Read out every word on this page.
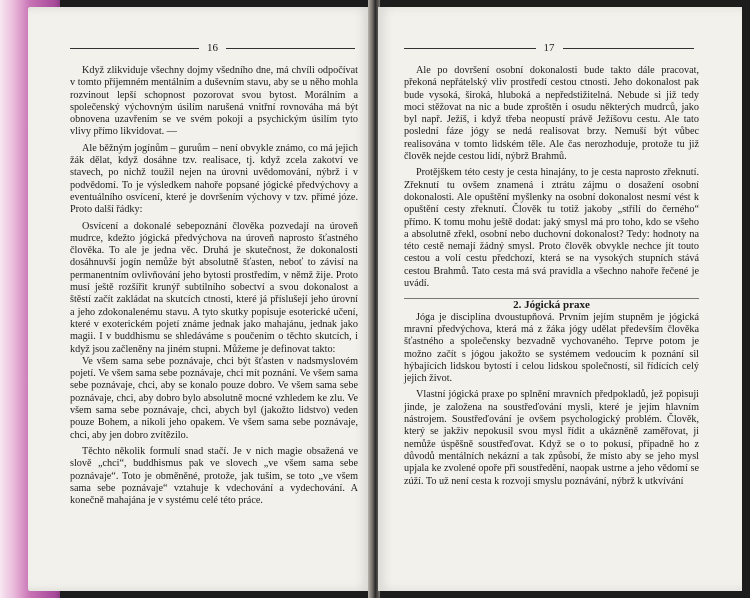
16

Když zlikviduje všechny dojmy všedního dne, má chvíli odpočívat v tomto příjemném mentálním a duševním stavu, aby se u něho mohla rozvinout lepší schopnost pozorovat svou bytost. Morálním a společenský výchovným úsilím narušená vnitřní rovnováha má být obnovena uzavřením se ve svém pokoji a psychickým úsilím tyto vlivy přímo likvidovat. —

Ale běžným jogínům – guruům – není obvykle známo, co má jejich žák dělat, když dosáhne tzv. realisace, tj. když zcela zakotví ve stavech, po nichž toužil nejen na úrovni uvědomování, nýbrž i v podvědomí. To je výsledkem nahoře popsané jógické předvýchovy a eventuálního osvícení, které je dovršením výchovy v tzv. přímé józe. Proto další řádky:

Osvícení a dokonalé sebepoznání člověka pozvedají na úroveň mudrce, kdežto jógická předvýchova na úroveň naprosto šťastného člověka. To ale je jedna věc. Druhá je skutečnost, že dokonalosti dosáhnuvší jogín nemůže být absolutně šťasten, neboť to závisí na permanentním ovlivňování jeho bytosti prostředím, v němž žije. Proto musí ještě rozšířit krunýř subtilního sobectví a svou dokonalost a štěstí začít zakládat na skutcích ctnosti, které já příslušejí jeho úrovní a jeho zdokonalenému stavu. A tyto skutky popisuje esoterické učení, které v exoterickém pojetí známe jednak jako mahajánu, jednak jako magii. I v buddhismu se shledáváme s poučením o těchto skutcích, i když jsou začleněny na jiném stupni. Můžeme je definovat takto:

Ve všem sama sebe poznávaje, chci být šťasten v nadsmyslovém pojetí. Ve všem sama sebe poznávaje, chci mít poznání. Ve všem sama sebe poznávaje, chci, aby se konalo pouze dobro. Ve všem sama sebe poznávaje, chci, aby dobro bylo absolutně mocné vzhledem ke zlu. Ve všem sama sebe poznávaje, chci, abych byl (jakožto lidstvo) veden pouze Bohem, a nikoli jeho opakem. Ve všem sama sebe poznávaje, chci, aby jen dobro zvítězilo.

Těchto několik formulí snad stačí. Je v nich magie obsažená ve slově „chci“, buddhismus pak ve slovech „ve všem sama sebe poznávaje“. Toto je obměněné, protože, jak tušim, se toto „ve všem sama sebe poznávaje“ vztahuje k vdechování a vydechování. A konečně mahajána je v systému celé této práce.

17

Ale po dovršení osobní dokonalosti bude takto dále pracovat, překoná nepřátelský vliv prostředí cestou ctnosti. Jeho dokonalost pak bude vysoká, široká, hluboká a nepředstižitelná. Nebude si již tedy moci stěžovat na nic a bude zproštěn i osudu některých mudrců, jako byl např. Ježíš, i když třeba neopustí právě Ježíšovu cestu. Ale tato poslední fáze jógy se nedá realisovat brzy. Nemuší být vůbec realisována v tomto lidském těle. Ale čas nerozhoduje, protože tu již člověk nejde cestou lidí, nýbrž Brahmů.

Protějškem této cesty je cesta hinajány, to je cesta naprosto zřeknutí. Zřeknutí tu ovšem znamená i ztrátu zájmu o dosažení osobní dokonalosti. Ale opuštění myšlenky na osobní dokonalost nesmí vést k opuštění cesty zřeknutí. Člověk tu totiž jakoby „střílí do černého“ přímo. K tomu mohu ještě dodat: jaký smysl má pro toho, kdo se všeho a absolutně zřekl, osobní nebo duchovní dokonalost? Tedy: hodnoty na této cestě nemají žádný smysl. Proto člověk obvykle nechce jít touto cestou a volí cestu předchozí, která se na vysokých stupních stává cestou Brahmů. Tato cesta má svá pravidla a všechno nahoře řečené je uvádí.

2. Jógická praxe

Jóga je disciplína dvoustupňová. Prvním jejím stupněm je jógická mravní předvýchova, která má z žáka jógy udělat především člověka šťastného a společensky bezvadně vychovaného. Teprve potom je možno začít s jógou jakožto se systémem vedoucím k poznání sil hýbajících lidskou bytostí i celou lidskou společností, sil řídících celý jejich život.

Vlastní jógická praxe po splnění mravních předpokladů, jež popisuji jinde, je založena na soustřeďování mysli, které je jejím hlavním nástrojem. Soustřeďování je ovšem psychologický problém. Člověk, který se jakživ nepokusil svou mysl řídit a ukázněně zaměřovat, ji nemůže úspěšně soustřeďovat. Když se o to pokusí, případně ho z důvodů mentálních nekázní a tak způsobí, že místo aby se jeho mysl upjala ke zvolené opoře při soustředění, naopak ustrne a jeho vědomí se zúží. To už není cesta k rozvoji smyslu poznávání, nýbrž k utkvívání
